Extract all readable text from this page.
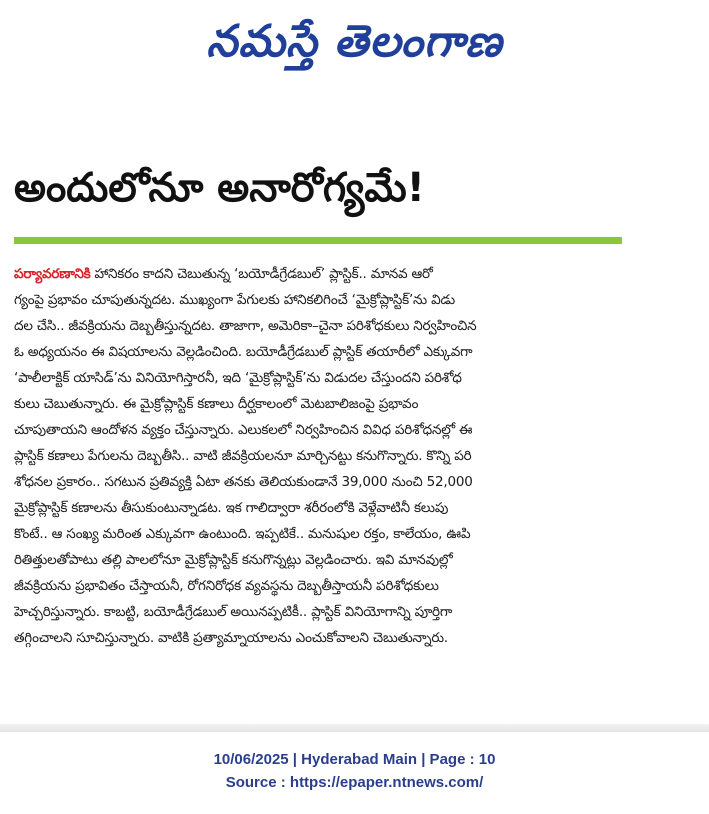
నమస్తే తెలంగాణ
అందులోనూ అనారోగ్యమే!
పర్యావరణానికి హానికరం కాదని చెబుతున్న ‘బయోడీగ్రేడబుల్’ ప్లాస్టిక్.. మానవ ఆరో
గ్యంపై ప్రభావం చూపుతున్నదట. ముఖ్యంగా పేగులకు హానికలిగించే ‘మైక్రోప్లాస్టిక్’ను విడు
దల చేసి.. జీవక్రియను దెబ్బతీస్తున్నదట. తాజాగా, అమెరికా–చైనా పరిశోధకులు నిర్వహించిన
ఓ అధ్యయనం ఈ విషయాలను వెల్లడించింది. బయోడీగ్రేడబుల్ ప్లాస్టిక్ తయారీలో ఎక్కువగా
‘పాలీలాక్టిక్ యాసిడ్’ను వినియోగిస్తారనీ, ఇది ‘మైక్రోప్లాస్టిక్’ను విడుదల చేస్తుందని పరిశోధ
కులు చెబుతున్నారు. ఈ మైక్రోప్లాస్టిక్ కణాలు దీర్ఘకాలంలో మెటబాలిజంపై ప్రభావం
చూపుతాయని ఆందోళన వ్యక్తం చేస్తున్నారు. ఎలుకలలో నిర్వహించిన వివిధ పరిశోధనల్లో ఈ
ప్లాస్టిక్ కణాలు పేగులను దెబ్బతీసి.. వాటి జీవక్రియలనూ మార్చినట్టు కనుగొన్నారు. కొన్ని పరి
శోధనల ప్రకారం.. సగటున ప్రతివ్యక్తి ఏటా తనకు తెలియకుండానే 39,000 నుంచి 52,000
మైక్రోప్లాస్టిక్ కణాలను తీసుకుంటున్నాడట. ఇక గాలిద్వారా శరీరంలోకి వెళ్లేవాటినీ కలుపు
కొంటే.. ఆ సంఖ్య మరింత ఎక్కువగా ఉంటుంది. ఇప్పటికే.. మనుషుల రక్తం, కాలేయం, ఊపి
రితిత్తులతోపాటు తల్లి పాలలోనూ మైక్రోప్లాస్టిక్ కనుగొన్నట్లు వెల్లడించారు. ఇవి మానవుల్లో
జీవక్రియను ప్రభావితం చేస్తాయనీ, రోగనిరోధక వ్యవస్థను దెబ్బతీస్తాయనీ పరిశోధకులు
హెచ్చరిస్తున్నారు. కాబట్టి, బయోడీగ్రేడబుల్ అయినప్పటికీ.. ప్లాస్టిక్ వినియోగాన్ని పూర్తిగా
తగ్గించాలని సూచిస్తున్నారు. వాటికి ప్రత్యామ్నాయాలను ఎంచుకోవాలని చెబుతున్నారు.
10/06/2025 | Hyderabad Main | Page : 10
Source : https://epaper.ntnews.com/
